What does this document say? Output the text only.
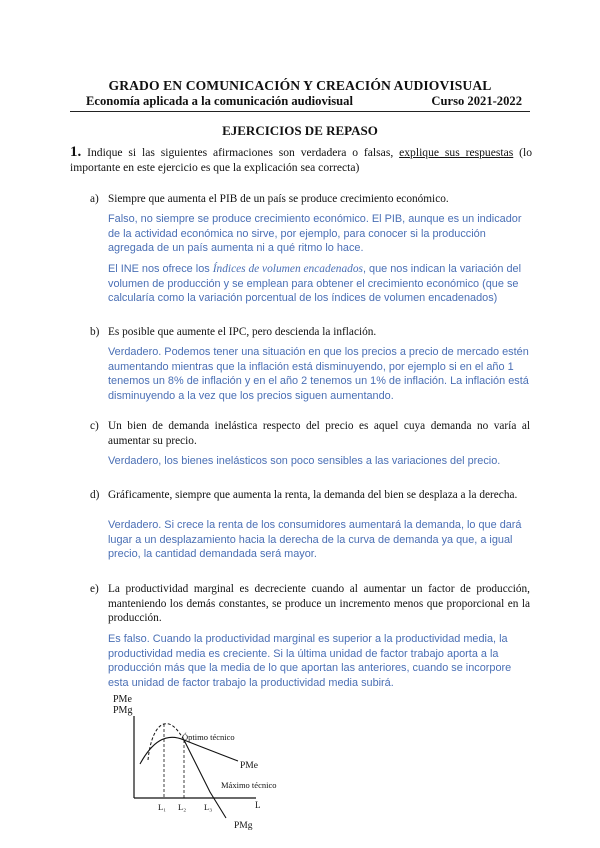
GRADO EN COMUNICACIÓN Y CREACIÓN AUDIOVISUAL
Economía aplicada a la comunicación audiovisual	Curso 2021-2022
EJERCICIOS DE REPASO
1. Indique si las siguientes afirmaciones son verdadera o falsas, explique sus respuestas (lo importante en este ejercicio es que la explicación sea correcta)
a) Siempre que aumenta el PIB de un país se produce crecimiento económico.
Falso, no siempre se produce crecimiento económico. El PIB, aunque es un indicador de la actividad económica no sirve, por ejemplo, para conocer si la producción agregada de un país aumenta ni a qué ritmo lo hace.
El INE nos ofrece los Índices de volumen encadenados, que nos indican la variación del volumen de producción y se emplean para obtener el crecimiento económico (que se calcularía como la variación porcentual de los índices de volumen encadenados)
b) Es posible que aumente el IPC, pero descienda la inflación.
Verdadero. Podemos tener una situación en que los precios a precio de mercado estén aumentando mientras que la inflación está disminuyendo, por ejemplo si en el año 1 tenemos un 8% de inflación y en el año 2 tenemos un 1% de inflación. La inflación está disminuyendo a la vez que los precios siguen aumentando.
c) Un bien de demanda inelástica respecto del precio es aquel cuya demanda no varía al aumentar su precio.
Verdadero, los bienes inelásticos son poco sensibles a las variaciones del precio.
d) Gráficamente, siempre que aumenta la renta, la demanda del bien se desplaza a la derecha.
Verdadero. Si crece la renta de los consumidores aumentará la demanda, lo que dará lugar a un desplazamiento hacia la derecha de la curva de demanda ya que, a igual precio, la cantidad demandada será mayor.
e) La productividad marginal es decreciente cuando al aumentar un factor de producción, manteniendo los demás constantes, se produce un incremento menos que proporcional en la producción.
Es falso. Cuando la productividad marginal es superior a la productividad media, la productividad media es creciente. Si la última unidad de factor trabajo aporta a la producción más que la media de lo que aportan las anteriores, cuando se incorpore esta unidad de factor trabajo la productividad media subirá.
PMe
PMg
L
Óptimo técnico
PMe
Máximo técnico
PMg
L₁ L₂ L₃
